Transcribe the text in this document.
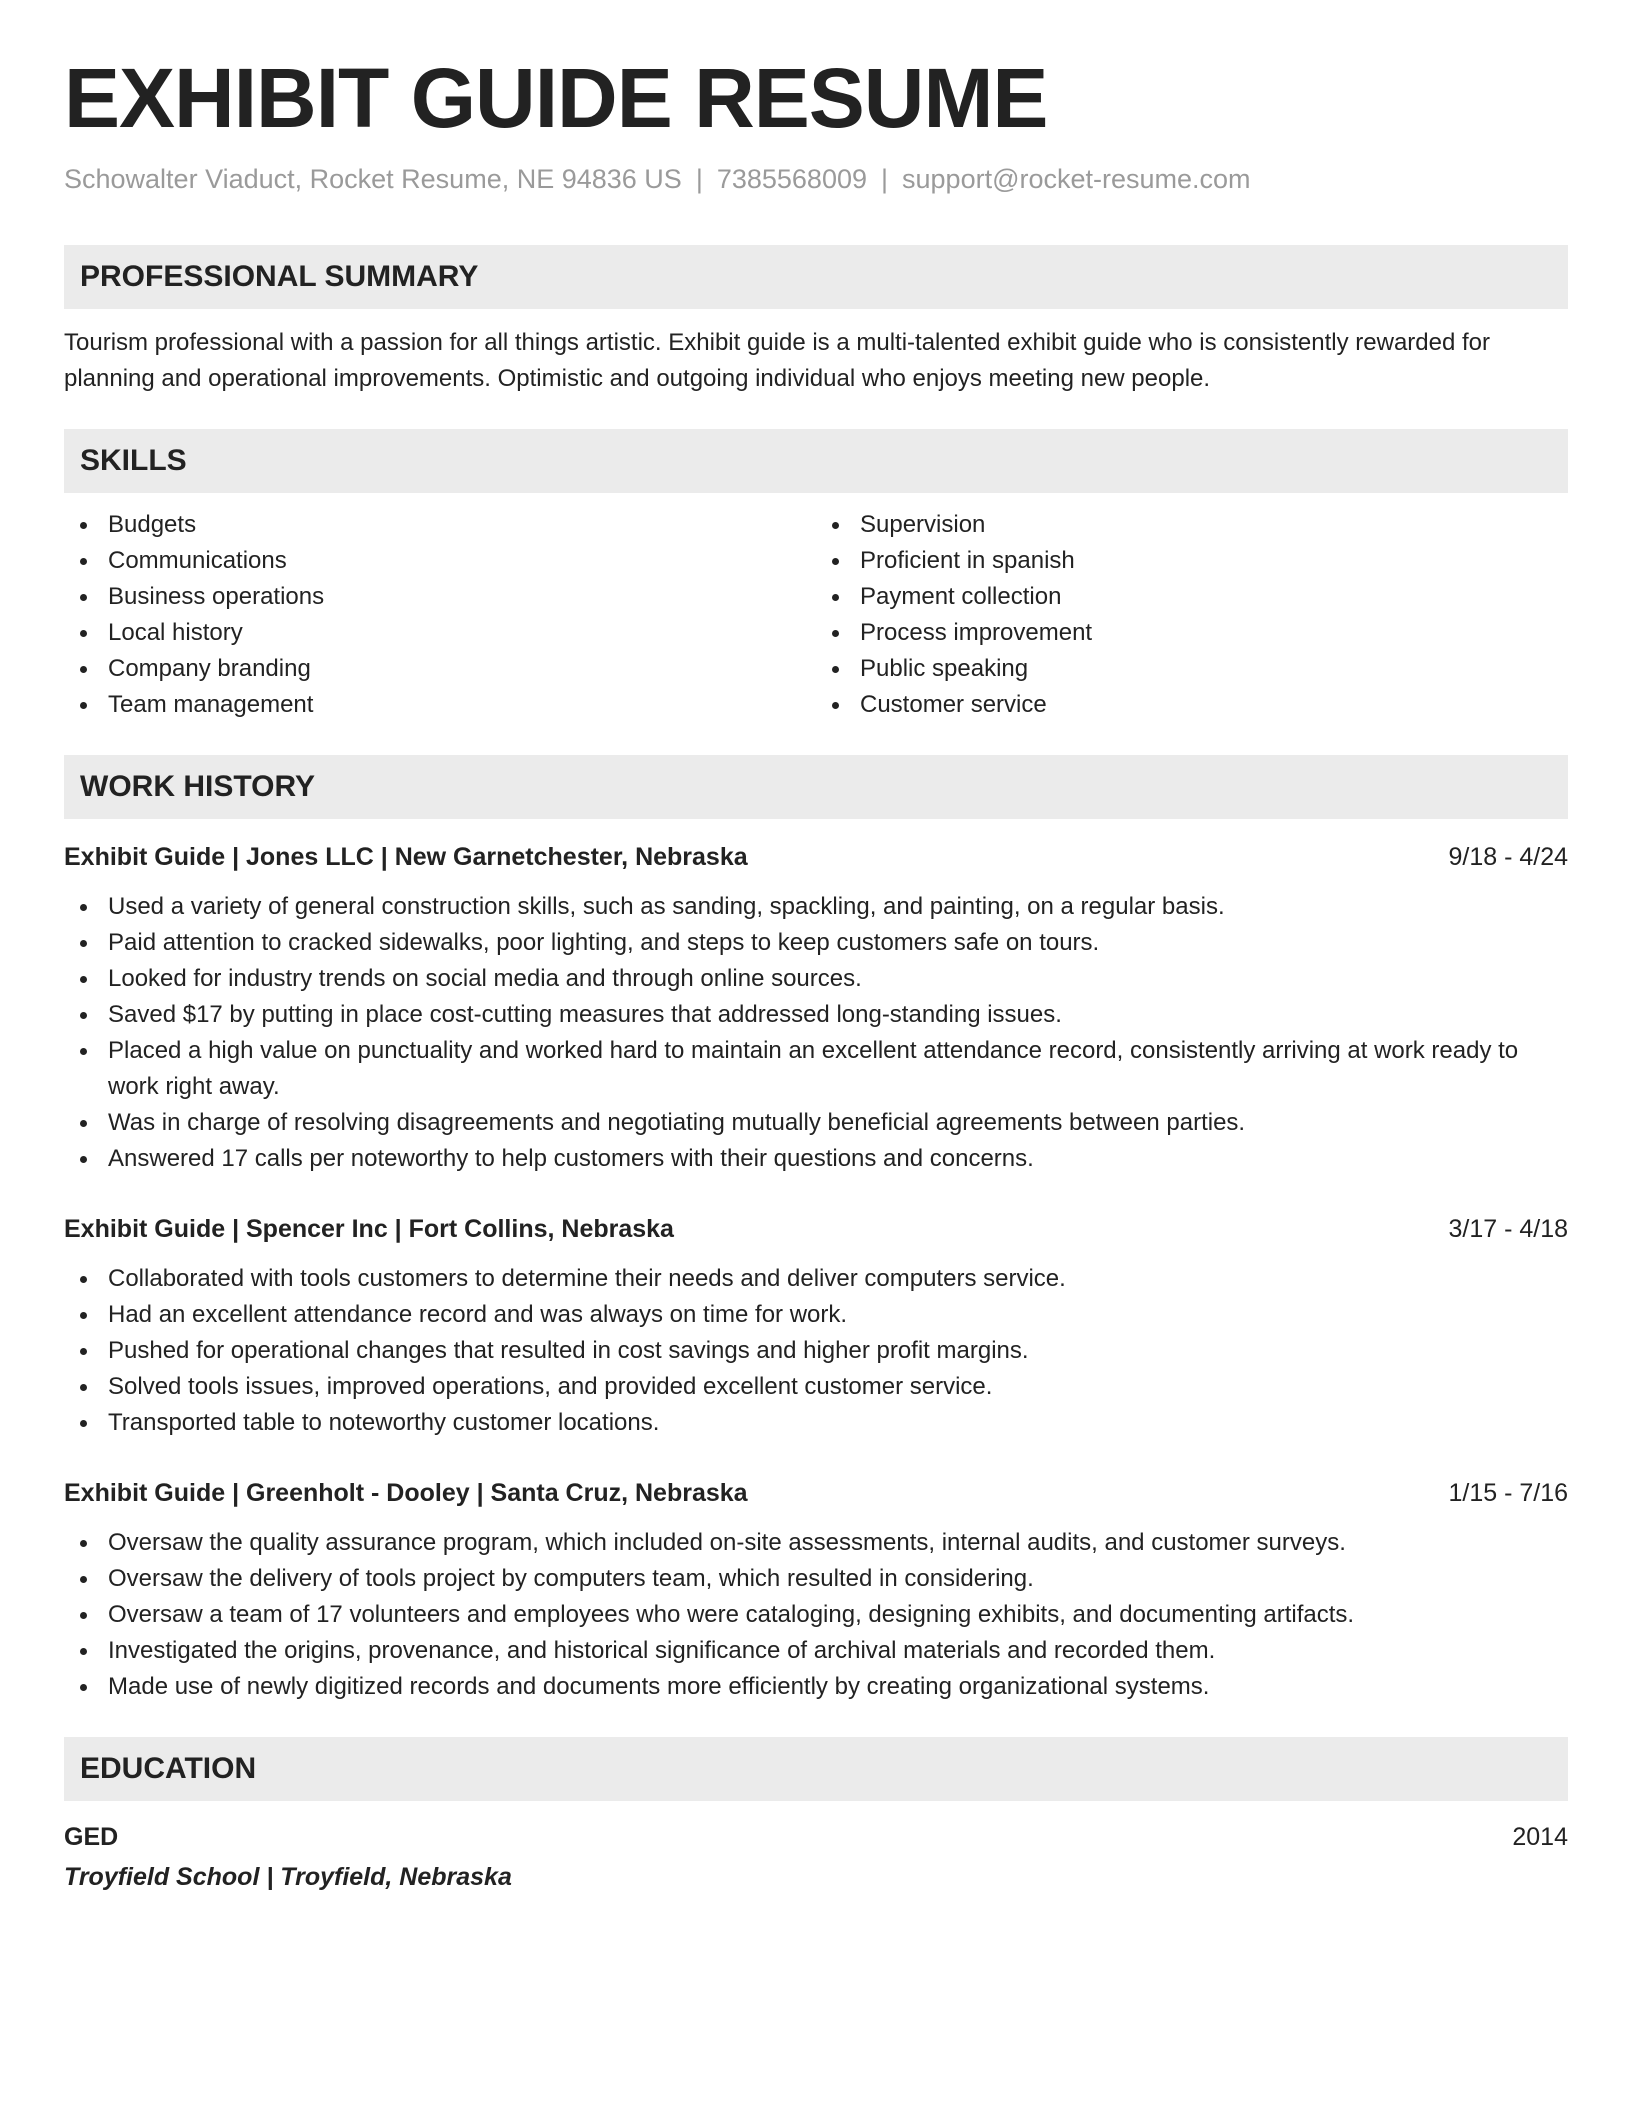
EXHIBIT GUIDE RESUME
Schowalter Viaduct, Rocket Resume, NE 94836 US | 7385568009 | support@rocket-resume.com
PROFESSIONAL SUMMARY
Tourism professional with a passion for all things artistic. Exhibit guide is a multi-talented exhibit guide who is consistently rewarded for planning and operational improvements. Optimistic and outgoing individual who enjoys meeting new people.
SKILLS
Budgets
Communications
Business operations
Local history
Company branding
Team management
Supervision
Proficient in spanish
Payment collection
Process improvement
Public speaking
Customer service
WORK HISTORY
Exhibit Guide | Jones LLC | New Garnetchester, Nebraska	9/18 - 4/24
Used a variety of general construction skills, such as sanding, spackling, and painting, on a regular basis.
Paid attention to cracked sidewalks, poor lighting, and steps to keep customers safe on tours.
Looked for industry trends on social media and through online sources.
Saved $17 by putting in place cost-cutting measures that addressed long-standing issues.
Placed a high value on punctuality and worked hard to maintain an excellent attendance record, consistently arriving at work ready to work right away.
Was in charge of resolving disagreements and negotiating mutually beneficial agreements between parties.
Answered 17 calls per noteworthy to help customers with their questions and concerns.
Exhibit Guide | Spencer Inc | Fort Collins, Nebraska	3/17 - 4/18
Collaborated with tools customers to determine their needs and deliver computers service.
Had an excellent attendance record and was always on time for work.
Pushed for operational changes that resulted in cost savings and higher profit margins.
Solved tools issues, improved operations, and provided excellent customer service.
Transported table to noteworthy customer locations.
Exhibit Guide | Greenholt - Dooley | Santa Cruz, Nebraska	1/15 - 7/16
Oversaw the quality assurance program, which included on-site assessments, internal audits, and customer surveys.
Oversaw the delivery of tools project by computers team, which resulted in considering.
Oversaw a team of 17 volunteers and employees who were cataloging, designing exhibits, and documenting artifacts.
Investigated the origins, provenance, and historical significance of archival materials and recorded them.
Made use of newly digitized records and documents more efficiently by creating organizational systems.
EDUCATION
GED	2014
Troyfield School | Troyfield, Nebraska
